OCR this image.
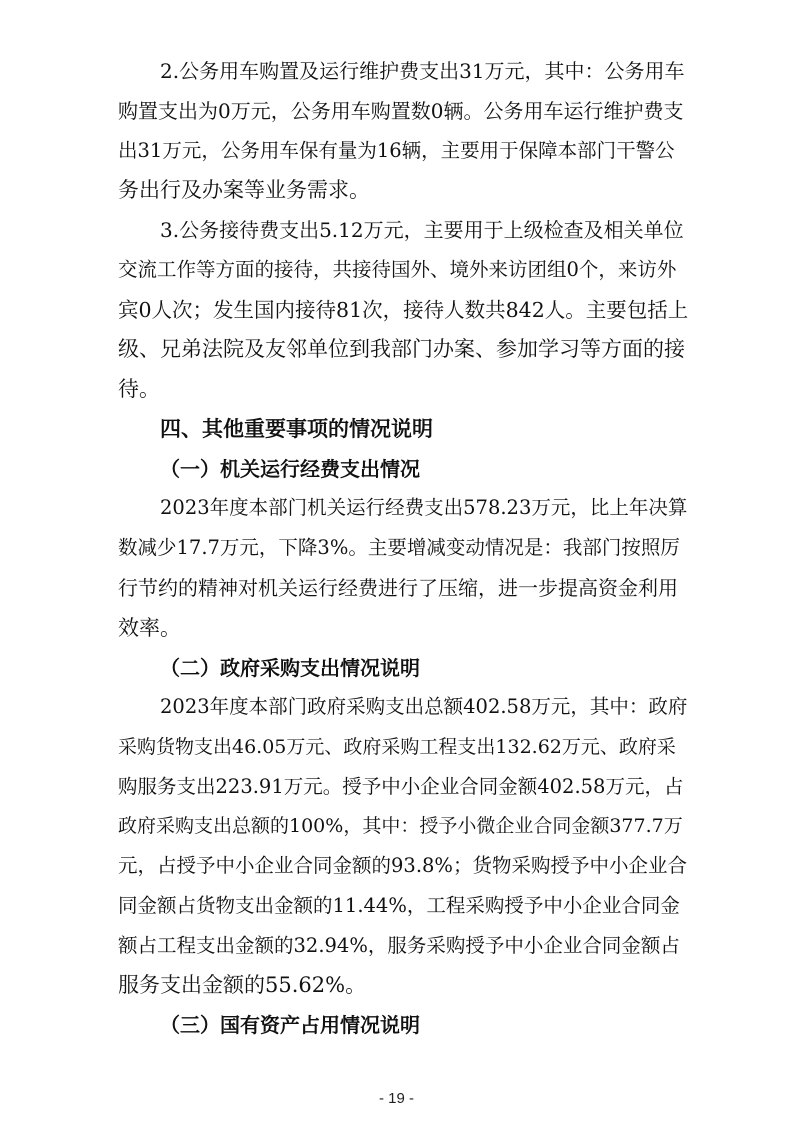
2.公务用车购置及运行维护费支出31万元，其中：公务用车
购置支出为0万元，公务用车购置数0辆。公务用车运行维护费支
出31万元，公务用车保有量为16辆，主要用于保障本部门干警公
务出行及办案等业务需求。
3.公务接待费支出5.12万元，主要用于上级检查及相关单位
交流工作等方面的接待，共接待国外、境外来访团组0个，来访外
宾0人次；发生国内接待81次，接待人数共842人。主要包括上
级、兄弟法院及友邻单位到我部门办案、参加学习等方面的接
待。
四、其他重要事项的情况说明
（一）机关运行经费支出情况
2023年度本部门机关运行经费支出578.23万元，比上年决算
数减少17.7万元，下降3%。主要增减变动情况是：我部门按照厉
行节约的精神对机关运行经费进行了压缩，进一步提高资金利用
效率。
（二）政府采购支出情况说明
2023年度本部门政府采购支出总额402.58万元，其中：政府
采购货物支出46.05万元、政府采购工程支出132.62万元、政府采
购服务支出223.91万元。授予中小企业合同金额402.58万元，占
政府采购支出总额的100%，其中：授予小微企业合同金额377.7万
元，占授予中小企业合同金额的93.8%；货物采购授予中小企业合
同金额占货物支出金额的11.44%，工程采购授予中小企业合同金
额占工程支出金额的32.94%，服务采购授予中小企业合同金额占
服务支出金额的55.62%。
（三）国有资产占用情况说明
- 19 -
